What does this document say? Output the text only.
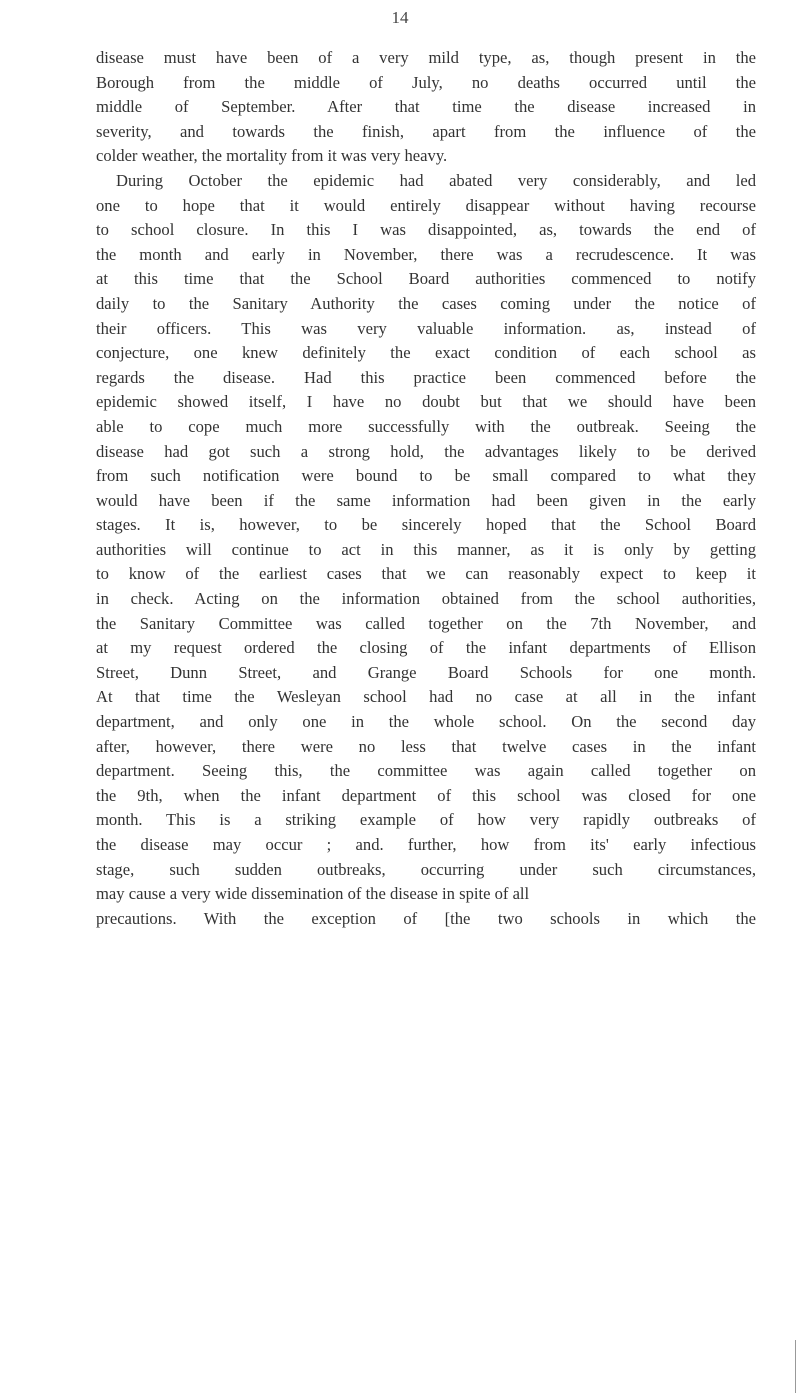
14
disease must have been of a very mild type, as, though present in the
Borough from the middle of July, no deaths occurred until the
middle of September. After that time the disease increased in
severity, and towards the finish, apart from the influence of the
colder weather, the mortality from it was very heavy.
During October the epidemic had abated very considerably, and led
one to hope that it would entirely disappear without having recourse
to school closure. In this I was disappointed, as, towards the end of
the month and early in November, there was a recrudescence. It was
at this time that the School Board authorities commenced to notify
daily to the Sanitary Authority the cases coming under the notice of
their officers. This was very valuable information. as, instead of
conjecture, one knew definitely the exact condition of each school as
regards the disease. Had this practice been commenced before the
epidemic showed itself, I have no doubt but that we should have been
able to cope much more successfully with the outbreak. Seeing the
disease had got such a strong hold, the advantages likely to be derived
from such notification were bound to be small compared to what they
would have been if the same information had been given in the early
stages. It is, however, to be sincerely hoped that the School Board
authorities will continue to act in this manner, as it is only by getting
to know of the earliest cases that we can reasonably expect to keep it
in check. Acting on the information obtained from the school authorities,
the Sanitary Committee was called together on the 7th November, and
at my request ordered the closing of the infant departments of Ellison
Street, Dunn Street, and Grange Board Schools for one month.
At that time the Wesleyan school had no case at all in the infant
department, and only one in the whole school. On the second day
after, however, there were no less that twelve cases in the infant
department. Seeing this, the committee was again called together on
the 9th, when the infant department of this school was closed for one
month. This is a striking example of how very rapidly outbreaks of
the disease may occur ; and. further, how from its' early infectious
stage, such sudden outbreaks, occurring under such circumstances,
may cause a very wide dissemination of the disease in spite of all
precautions. With the exception of [the two schools in which the
